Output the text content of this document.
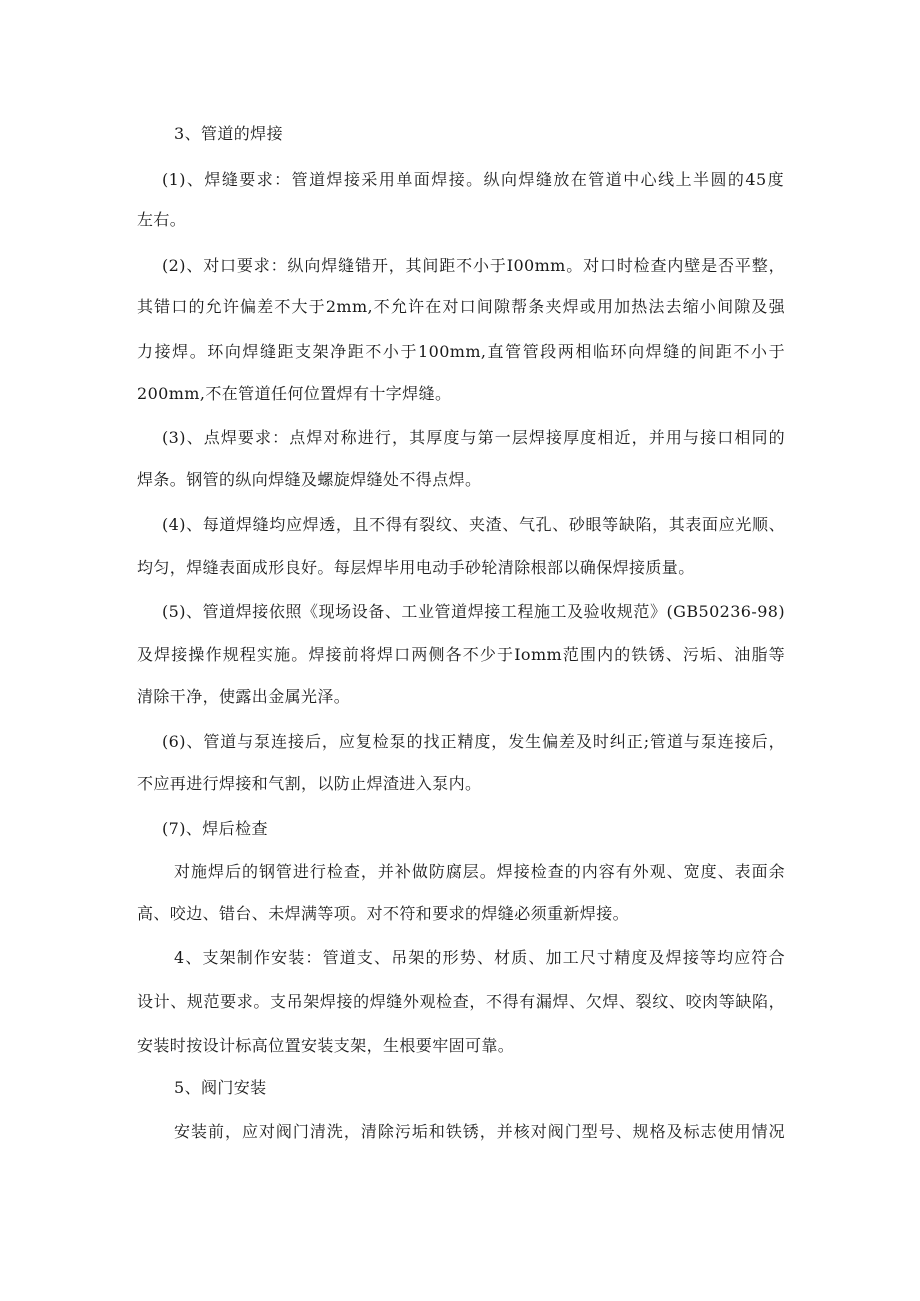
3、管道的焊接
(1)、焊缝要求：管道焊接采用单面焊接。纵向焊缝放在管道中心线上半圆的45度
左右。
(2)、对口要求：纵向焊缝错开，其间距不小于I00mm。对口时检查内壁是否平整，
其错口的允许偏差不大于2mm,不允许在对口间隙帮条夹焊或用加热法去缩小间隙及强
力接焊。环向焊缝距支架净距不小于100mm,直管管段两相临环向焊缝的间距不小于
200mm,不在管道任何位置焊有十字焊缝。
(3)、点焊要求：点焊对称进行，其厚度与第一层焊接厚度相近，并用与接口相同的
焊条。钢管的纵向焊缝及螺旋焊缝处不得点焊。
(4)、每道焊缝均应焊透，且不得有裂纹、夹渣、气孔、砂眼等缺陷，其表面应光顺、
均匀，焊缝表面成形良好。每层焊毕用电动手砂轮清除根部以确保焊接质量。
(5)、管道焊接依照《现场设备、工业管道焊接工程施工及验收规范》(GB50236-98)
及焊接操作规程实施。焊接前将焊口两侧各不少于Iomm范围内的铁锈、污垢、油脂等
清除干净，使露出金属光泽。
(6)、管道与泵连接后，应复检泵的找正精度，发生偏差及时纠正;管道与泵连接后，
不应再进行焊接和气割，以防止焊渣进入泵内。
(7)、焊后检查
对施焊后的钢管进行检查，并补做防腐层。焊接检查的内容有外观、宽度、表面余
高、咬边、错台、未焊满等项。对不符和要求的焊缝必须重新焊接。
4、支架制作安装：管道支、吊架的形势、材质、加工尺寸精度及焊接等均应符合
设计、规范要求。支吊架焊接的焊缝外观检查，不得有漏焊、欠焊、裂纹、咬肉等缺陷，
安装时按设计标高位置安装支架，生根要牢固可靠。
5、阀门安装
安装前，应对阀门清洗，清除污垢和铁锈，并核对阀门型号、规格及标志使用情况
